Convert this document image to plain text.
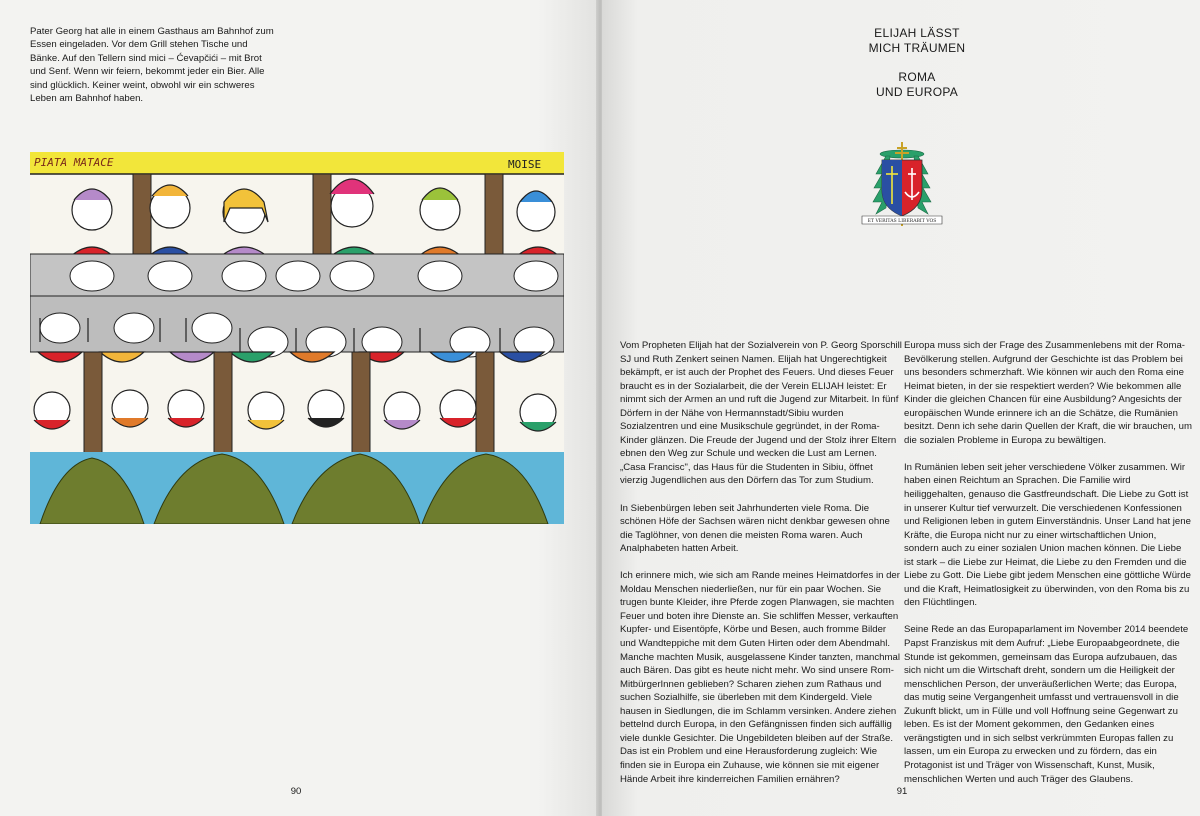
Pater Georg hat alle in einem Gasthaus am Bahnhof zum Essen eingeladen. Vor dem Grill stehen Tische und Bänke. Auf den Tellern sind mici – Ćevapčići – mit Brot und Senf. Wenn wir feiern, bekommt jeder ein Bier. Alle sind glücklich. Keiner weint, obwohl wir ein schweres Leben am Bahnhof haben.

PIATA MATACE	MOISE
90
ELIJAH LÄSST
MICH TRÄUMEN
ROMA
UND EUROPA
ET VERITAS LIBERABIT VOS

Vom Propheten Elijah hat der Sozialverein von P. Georg Sporschill SJ und Ruth Zenkert seinen Namen. Elijah hat Ungerechtigkeit bekämpft, er ist auch der Prophet des Feuers. Und dieses Feuer braucht es in der Sozialarbeit, die der Verein ELIJAH leistet: Er nimmt sich der Armen an und ruft die Jugend zur Mitarbeit. In fünf Dörfern in der Nähe von Hermannstadt/Sibiu wurden Sozialzentren und eine Musikschule gegründet, in der Roma-Kinder glänzen. Die Freude der Jugend und der Stolz ihrer Eltern ebnen den Weg zur Schule und wecken die Lust am Lernen. „Casa Francisc", das Haus für die Studenten in Sibiu, öffnet vierzig Jugendlichen aus den Dörfern das Tor zum Studium.

In Siebenbürgen leben seit Jahrhunderten viele Roma. Die schönen Höfe der Sachsen wären nicht denkbar gewesen ohne die Taglöhner, von denen die meisten Roma waren. Auch Analphabeten hatten Arbeit.

Ich erinnere mich, wie sich am Rande meines Heimatdorfes in der Moldau Menschen niederließen, nur für ein paar Wochen. Sie trugen bunte Kleider, ihre Pferde zogen Planwagen, sie machten Feuer und boten ihre Dienste an. Sie schliffen Messer, verkauften Kupfer- und Eisentöpfe, Körbe und Besen, auch fromme Bilder und Wandteppiche mit dem Guten Hirten oder dem Abendmahl. Manche machten Musik, ausgelassene Kinder tanzten, manchmal auch Bären. Das gibt es heute nicht mehr. Wo sind unsere Rom-MitbürgerInnen geblieben? Scharen ziehen zum Rathaus und suchen Sozialhilfe, sie überleben mit dem Kindergeld. Viele hausen in Siedlungen, die im Schlamm versinken. Andere ziehen bettelnd durch Europa, in den Gefängnissen finden sich auffällig viele dunkle Gesichter. Die Ungebildeten bleiben auf der Straße. Das ist ein Problem und eine Herausforderung zugleich: Wie finden sie in Europa ein Zuhause, wie können sie mit eigener Hände Arbeit ihre kinderreichen Familien ernähren?

Europa muss sich der Frage des Zusammenlebens mit der Roma-Bevölkerung stellen. Aufgrund der Geschichte ist das Problem bei uns besonders schmerzhaft. Wie können wir auch den Roma eine Heimat bieten, in der sie respektiert werden? Wie bekommen alle Kinder die gleichen Chancen für eine Ausbildung? Angesichts der europäischen Wunde erinnere ich an die Schätze, die Rumänien besitzt. Denn ich sehe darin Quellen der Kraft, die wir brauchen, um die sozialen Probleme in Europa zu bewältigen.

In Rumänien leben seit jeher verschiedene Völker zusammen. Wir haben einen Reichtum an Sprachen. Die Familie wird heiliggehalten, genauso die Gastfreundschaft. Die Liebe zu Gott ist in unserer Kultur tief verwurzelt. Die verschiedenen Konfessionen und Religionen leben in gutem Einverständnis. Unser Land hat jene Kräfte, die Europa nicht nur zu einer wirtschaftlichen Union, sondern auch zu einer sozialen Union machen können. Die Liebe ist stark – die Liebe zur Heimat, die Liebe zu den Fremden und die Liebe zu Gott. Die Liebe gibt jedem Menschen eine göttliche Würde und die Kraft, Heimatlosigkeit zu überwinden, von den Roma bis zu den Flüchtlingen.

Seine Rede an das Europaparlament im November 2014 beendete Papst Franziskus mit dem Aufruf: „Liebe Europaabgeordnete, die Stunde ist gekommen, gemeinsam das Europa aufzubauen, das sich nicht um die Wirtschaft dreht, sondern um die Heiligkeit der menschlichen Person, der unveräußerlichen Werte; das Europa, das mutig seine Vergangenheit umfasst und vertrauensvoll in die Zukunft blickt, um in Fülle und voll Hoffnung seine Gegenwart zu leben. Es ist der Moment gekommen, den Gedanken eines verängstigten und in sich selbst verkrümmten Europas fallen zu lassen, um ein Europa zu erwecken und zu fördern, das ein Protagonist ist und Träger von Wissenschaft, Kunst, Musik, menschlichen Werten und auch Träger des Glaubens.

91
